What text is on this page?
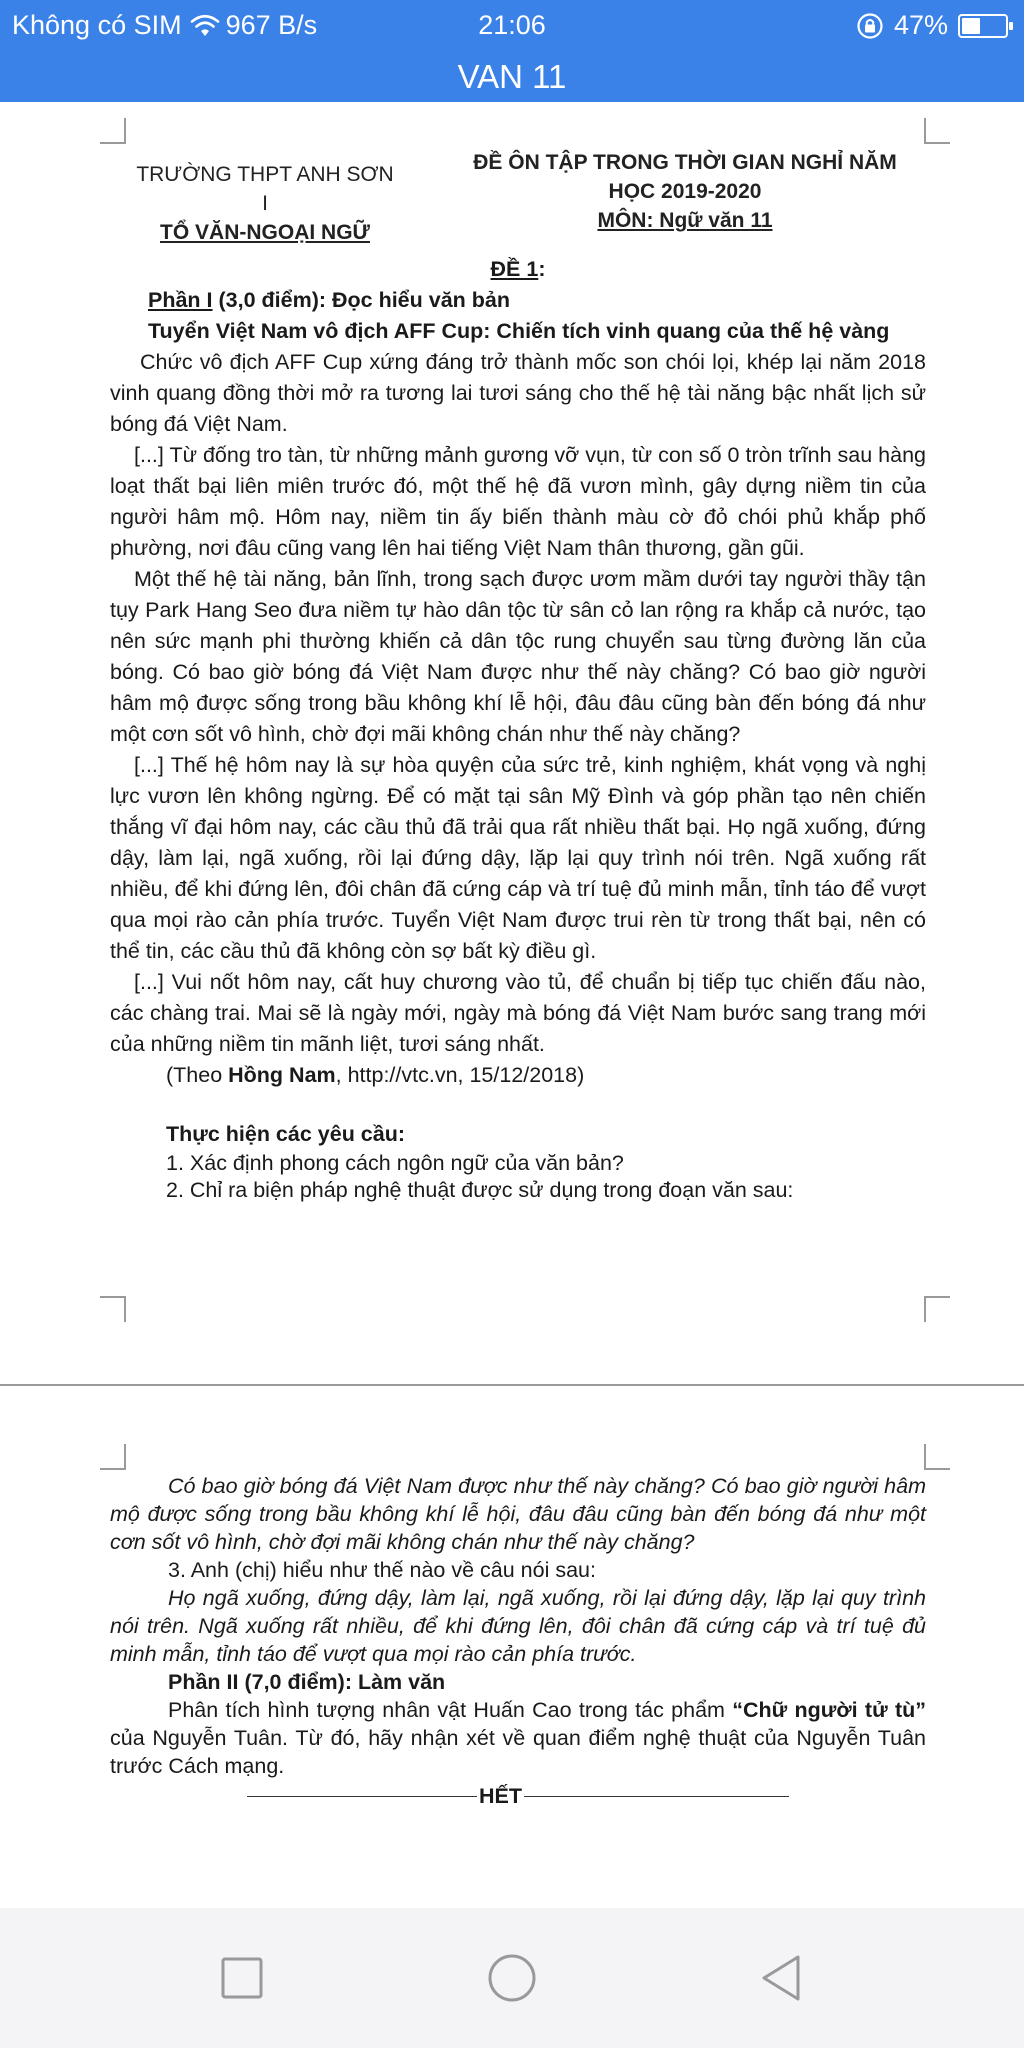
Không có SIM 967 B/s	21:06	47%
VAN 11
TRƯỜNG THPT ANH SƠN I
TỔ VĂN-NGOẠI NGỮ
ĐỀ ÔN TẬP TRONG THỜI GIAN NGHỈ NĂM
HỌC 2019-2020
MÔN: Ngữ văn 11

ĐỀ 1:

Phần I (3,0 điểm): Đọc hiểu văn bản

Tuyển Việt Nam vô địch AFF Cup: Chiến tích vinh quang của thế hệ vàng

Chức vô địch AFF Cup xứng đáng trở thành mốc son chói lọi, khép lại năm 2018 vinh quang đồng thời mở ra tương lai tươi sáng cho thế hệ tài năng bậc nhất lịch sử bóng đá Việt Nam.

[...] Từ đống tro tàn, từ những mảnh gương vỡ vụn, từ con số 0 tròn trĩnh sau hàng loạt thất bại liên miên trước đó, một thế hệ đã vươn mình, gây dựng niềm tin của người hâm mộ. Hôm nay, niềm tin ấy biến thành màu cờ đỏ chói phủ khắp phố phường, nơi đâu cũng vang lên hai tiếng Việt Nam thân thương, gần gũi.

Một thế hệ tài năng, bản lĩnh, trong sạch được ươm mầm dưới tay người thầy tận tụy Park Hang Seo đưa niềm tự hào dân tộc từ sân cỏ lan rộng ra khắp cả nước, tạo nên sức mạnh phi thường khiến cả dân tộc rung chuyển sau từng đường lăn của bóng. Có bao giờ bóng đá Việt Nam được như thế này chăng? Có bao giờ người hâm mộ được sống trong bầu không khí lễ hội, đâu đâu cũng bàn đến bóng đá như một cơn sốt vô hình, chờ đợi mãi không chán như thế này chăng?

[...] Thế hệ hôm nay là sự hòa quyện của sức trẻ, kinh nghiệm, khát vọng và nghị lực vươn lên không ngừng. Để có mặt tại sân Mỹ Đình và góp phần tạo nên chiến thắng vĩ đại hôm nay, các cầu thủ đã trải qua rất nhiều thất bại. Họ ngã xuống, đứng dậy, làm lại, ngã xuống, rồi lại đứng dậy, lặp lại quy trình nói trên. Ngã xuống rất nhiều, để khi đứng lên, đôi chân đã cứng cáp và trí tuệ đủ minh mẫn, tỉnh táo để vượt qua mọi rào cản phía trước. Tuyển Việt Nam được trui rèn từ trong thất bại, nên có thể tin, các cầu thủ đã không còn sợ bất kỳ điều gì.

[...] Vui nốt hôm nay, cất huy chương vào tủ, để chuẩn bị tiếp tục chiến đấu nào, các chàng trai. Mai sẽ là ngày mới, ngày mà bóng đá Việt Nam bước sang trang mới của những niềm tin mãnh liệt, tươi sáng nhất.

(Theo Hồng Nam, http://vtc.vn, 15/12/2018)

Thực hiện các yêu cầu:

1. Xác định phong cách ngôn ngữ của văn bản?

2. Chỉ ra biện pháp nghệ thuật được sử dụng trong đoạn văn sau:

Có bao giờ bóng đá Việt Nam được như thế này chăng? Có bao giờ người hâm mộ được sống trong bầu không khí lễ hội, đâu đâu cũng bàn đến bóng đá như một cơn sốt vô hình, chờ đợi mãi không chán như thế này chăng?

3. Anh (chị) hiểu như thế nào về câu nói sau:

Họ ngã xuống, đứng dậy, làm lại, ngã xuống, rồi lại đứng dậy, lặp lại quy trình nói trên. Ngã xuống rất nhiều, để khi đứng lên, đôi chân đã cứng cáp và trí tuệ đủ minh mẫn, tỉnh táo để vượt qua mọi rào cản phía trước.

Phần II (7,0 điểm): Làm văn

Phân tích hình tượng nhân vật Huấn Cao trong tác phẩm “Chữ người tử tù” của Nguyễn Tuân. Từ đó, hãy nhận xét về quan điểm nghệ thuật của Nguyễn Tuân trước Cách mạng.

HẾT
